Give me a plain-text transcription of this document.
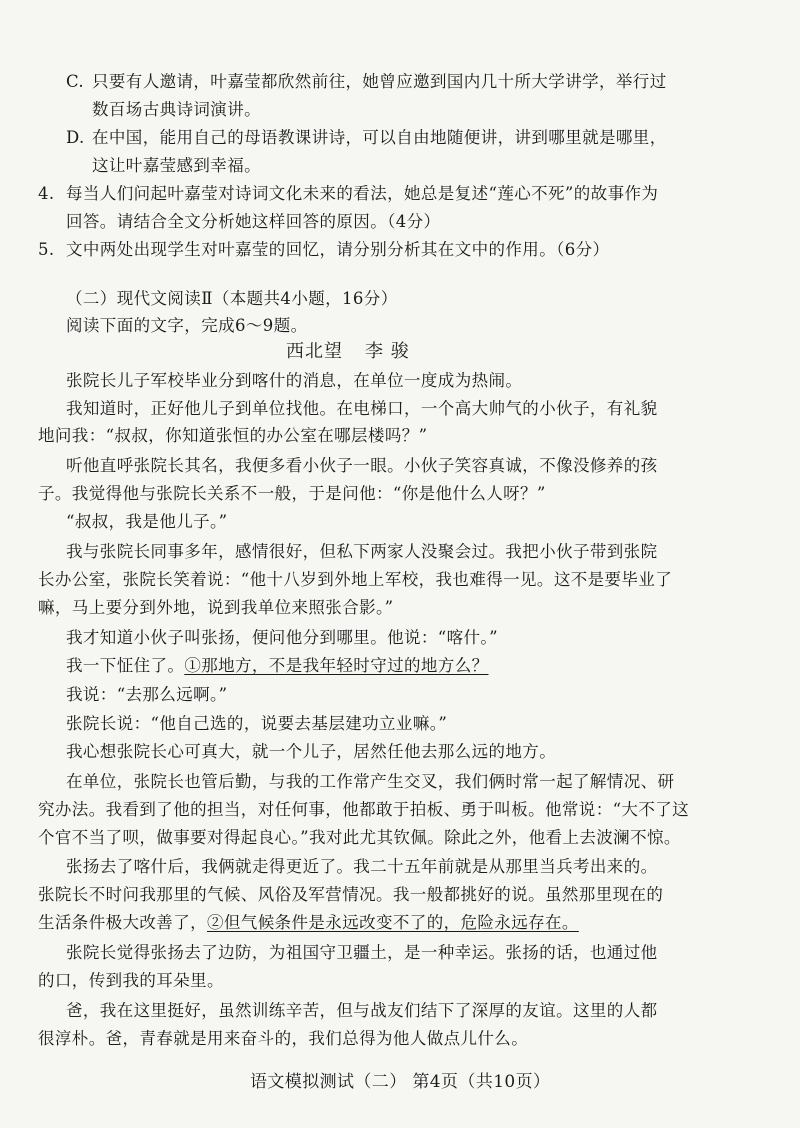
C. 只要有人邀请，叶嘉莹都欣然前往，她曾应邀到国内几十所大学讲学，举行过
数百场古典诗词演讲。
D. 在中国，能用自己的母语教课讲诗，可以自由地随便讲，讲到哪里就是哪里，
这让叶嘉莹感到幸福。
4. 每当人们问起叶嘉莹对诗词文化未来的看法，她总是复述“莲心不死”的故事作为
回答。请结合全文分析她这样回答的原因。（4分）
5. 文中两处出现学生对叶嘉莹的回忆，请分别分析其在文中的作用。（6分）
（二）现代文阅读Ⅱ（本题共4小题，16分）
阅读下面的文字，完成6～9题。
西北望 李 骏
张院长儿子军校毕业分到喀什的消息，在单位一度成为热闹。
我知道时，正好他儿子到单位找他。在电梯口，一个高大帅气的小伙子，有礼貌
地问我：“叔叔，你知道张恒的办公室在哪层楼吗？”
听他直呼张院长其名，我便多看小伙子一眼。小伙子笑容真诚，不像没修养的孩
子。我觉得他与张院长关系不一般，于是问他：“你是他什么人呀？”
“叔叔，我是他儿子。”
我与张院长同事多年，感情很好，但私下两家人没聚会过。我把小伙子带到张院
长办公室，张院长笑着说：“他十八岁到外地上军校，我也难得一见。这不是要毕业了
嘛，马上要分到外地，说到我单位来照张合影。”
我才知道小伙子叫张扬，便问他分到哪里。他说：“喀什。”
我一下怔住了。①那地方，不是我年轻时守过的地方么？
我说：“去那么远啊。”
张院长说：“他自己选的，说要去基层建功立业嘛。”
我心想张院长心可真大，就一个儿子，居然任他去那么远的地方。
在单位，张院长也管后勤，与我的工作常产生交叉，我们俩时常一起了解情况、研
究办法。我看到了他的担当，对任何事，他都敢于拍板、勇于叫板。他常说：“大不了这
个官不当了呗，做事要对得起良心。”我对此尤其钦佩。除此之外，他看上去波澜不惊。
张扬去了喀什后，我俩就走得更近了。我二十五年前就是从那里当兵考出来的。
张院长不时问我那里的气候、风俗及军营情况。我一般都挑好的说。虽然那里现在的
生活条件极大改善了，②但气候条件是永远改变不了的，危险永远存在。
张院长觉得张扬去了边防，为祖国守卫疆土，是一种幸运。张扬的话，也通过他
的口，传到我的耳朵里。
爸，我在这里挺好，虽然训练辛苦，但与战友们结下了深厚的友谊。这里的人都
很淳朴。爸，青春就是用来奋斗的，我们总得为他人做点儿什么。
语文模拟测试（二） 第4页（共10页）
